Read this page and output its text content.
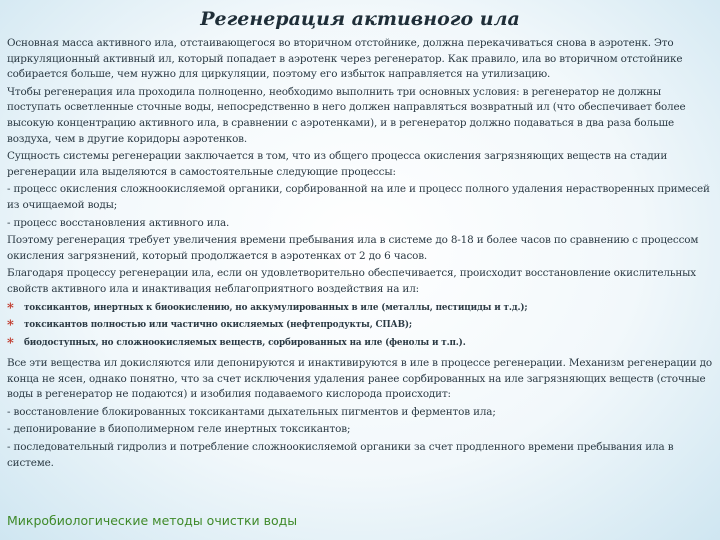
Регенерация активного ила

Основная масса активного ила, отстаивающегося во вторичном отстойнике, должна перекачиваться снова в аэротенк. Это циркуляционный активный ил, который попадает в аэротенк через регенератор. Как правило, ила во вторичном отстойнике собирается больше, чем нужно для циркуляции, поэтому его избыток направляется на утилизацию.

Чтобы регенерация ила проходила полноценно, необходимо выполнить три основных условия: в регенератор не должны поступать осветленные сточные воды, непосредственно в него должен направляться возвратный ил (что обеспечивает более высокую концентрацию активного ила, в сравнении с аэротенками), и в регенератор должно подаваться в два раза больше воздуха, чем в другие коридоры аэротенков.

Сущность системы регенерации заключается в том, что из общего процесса окисления загрязняющих веществ на стадии регенерации ила выделяются в самостоятельные следующие процессы:

- процесс окисления сложноокисляемой органики, сорбированной на иле и процесс полного удаления нерастворенных примесей из очищаемой воды;

- процесс восстановления активного ила.

Поэтому регенерация требует увеличения времени пребывания ила в системе до 8-18 и более часов по сравнению с процессом окисления загрязнений, который продолжается в аэротенках от 2 до 6 часов.

Благодаря процессу регенерации ила, если он удовлетворительно обеспечивается, происходит восстановление окислительных свойств активного ила и инактивация неблагоприятного воздействия на ил:

* токсикантов, инертных к биоокислению, но аккумулированных в иле (металлы, пестициды и т.д.);
* токсикантов полностью или частично окисляемых (нефтепродукты, СПАВ);
* биодоступных, но сложноокисляемых веществ, сорбированных на иле (фенолы и т.п.).

Все эти вещества ил докисляются или депонируются и инактивируются в иле в процессе регенерации. Механизм регенерации до конца не ясен, однако понятно, что за счет исключения удаления ранее сорбированных на иле загрязняющих веществ (сточные воды в регенератор не подаются) и изобилия подаваемого кислорода происходит:

- восстановление блокированных токсикантами дыхательных пигментов и ферментов ила;

- депонирование в биополимерном геле инертных токсикантов;

- последовательный гидролиз и потребление сложноокисляемой органики за счет продленного времени пребывания ила в системе.

Микробиологические методы очистки воды
